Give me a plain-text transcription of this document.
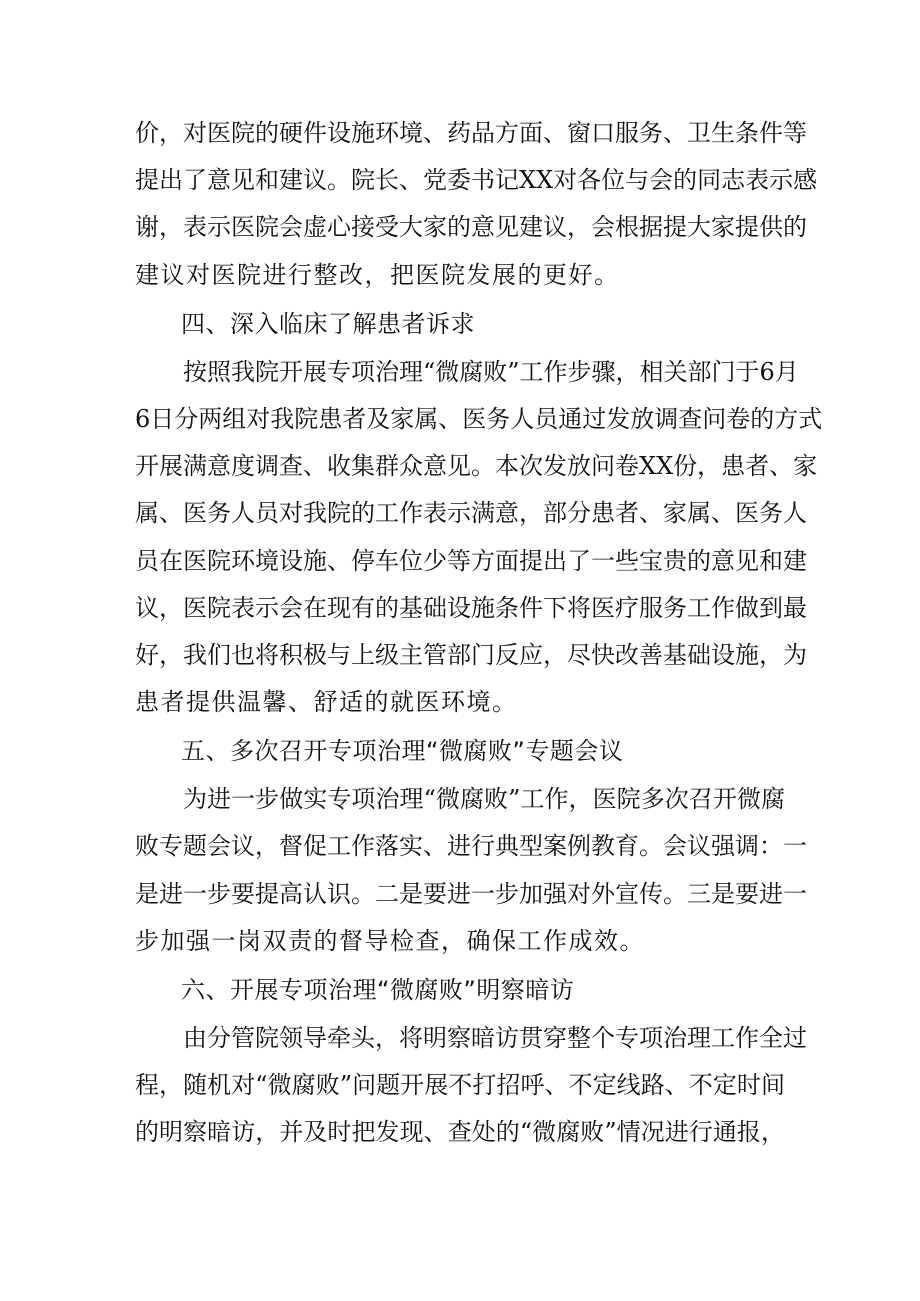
价，对医院的硬件设施环境、药品方面、窗口服务、卫生条件等
提出了意见和建议。院长、党委书记XX对各位与会的同志表示感
谢，表示医院会虚心接受大家的意见建议，会根据提大家提供的
建议对医院进行整改，把医院发展的更好。
四、深入临床了解患者诉求
按照我院开展专项治理“微腐败”工作步骤，相关部门于6月
6日分两组对我院患者及家属、医务人员通过发放调查问卷的方式
开展满意度调查、收集群众意见。本次发放问卷XX份，患者、家
属、医务人员对我院的工作表示满意，部分患者、家属、医务人
员在医院环境设施、停车位少等方面提出了一些宝贵的意见和建
议，医院表示会在现有的基础设施条件下将医疗服务工作做到最
好，我们也将积极与上级主管部门反应，尽快改善基础设施，为
患者提供温馨、舒适的就医环境。
五、多次召开专项治理“微腐败”专题会议
为进一步做实专项治理“微腐败”工作，医院多次召开微腐
败专题会议，督促工作落实、进行典型案例教育。会议强调：一
是进一步要提高认识。二是要进一步加强对外宣传。三是要进一
步加强一岗双责的督导检查，确保工作成效。
六、开展专项治理“微腐败”明察暗访
由分管院领导牵头，将明察暗访贯穿整个专项治理工作全过
程，随机对“微腐败”问题开展不打招呼、不定线路、不定时间
的明察暗访，并及时把发现、查处的“微腐败”情况进行通报，
